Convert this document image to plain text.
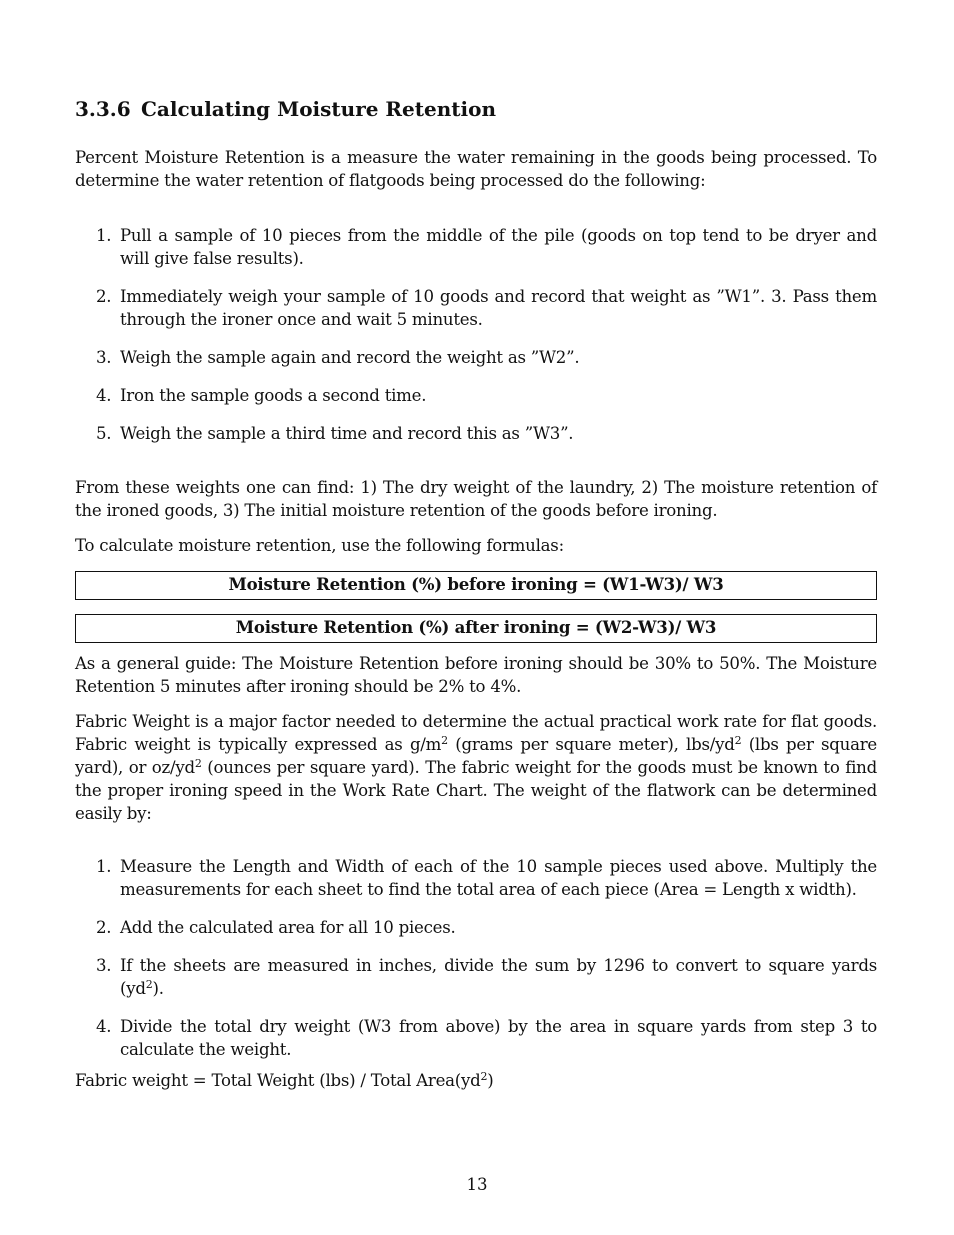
3.3.6 Calculating Moisture Retention
Percent Moisture Retention is a measure the water remaining in the goods being processed. To determine the water retention of flatgoods being processed do the following:
1. Pull a sample of 10 pieces from the middle of the pile (goods on top tend to be dryer and will give false results).
2. Immediately weigh your sample of 10 goods and record that weight as ”W1”. 3. Pass them through the ironer once and wait 5 minutes.
3. Weigh the sample again and record the weight as ”W2”.
4. Iron the sample goods a second time.
5. Weigh the sample a third time and record this as ”W3”.
From these weights one can find: 1) The dry weight of the laundry, 2) The moisture retention of the ironed goods, 3) The initial moisture retention of the goods before ironing.
To calculate moisture retention, use the following formulas:
Moisture Retention (%) before ironing = (W1-W3)/ W3
Moisture Retention (%) after ironing = (W2-W3)/ W3
As a general guide: The Moisture Retention before ironing should be 30% to 50%. The Moisture Retention 5 minutes after ironing should be 2% to 4%.
Fabric Weight is a major factor needed to determine the actual practical work rate for flat goods. Fabric weight is typically expressed as $g/m^2$ (grams per square meter), lbs/$yd^2$ (lbs per square yard), or $oz/yd^2$ (ounces per square yard). The fabric weight for the goods must be known to find the proper ironing speed in the Work Rate Chart. The weight of the flatwork can be determined easily by:
1. Measure the Length and Width of each of the 10 sample pieces used above. Multiply the measurements for each sheet to find the total area of each piece (Area = Length x width).
2. Add the calculated area for all 10 pieces.
3. If the sheets are measured in inches, divide the sum by 1296 to convert to square yards $(yd^2)$.
4. Divide the total dry weight (W3 from above) by the area in square yards from step 3 to calculate the weight.
Fabric weight = Total Weight (lbs) / Total $Area(yd^2)$
13
